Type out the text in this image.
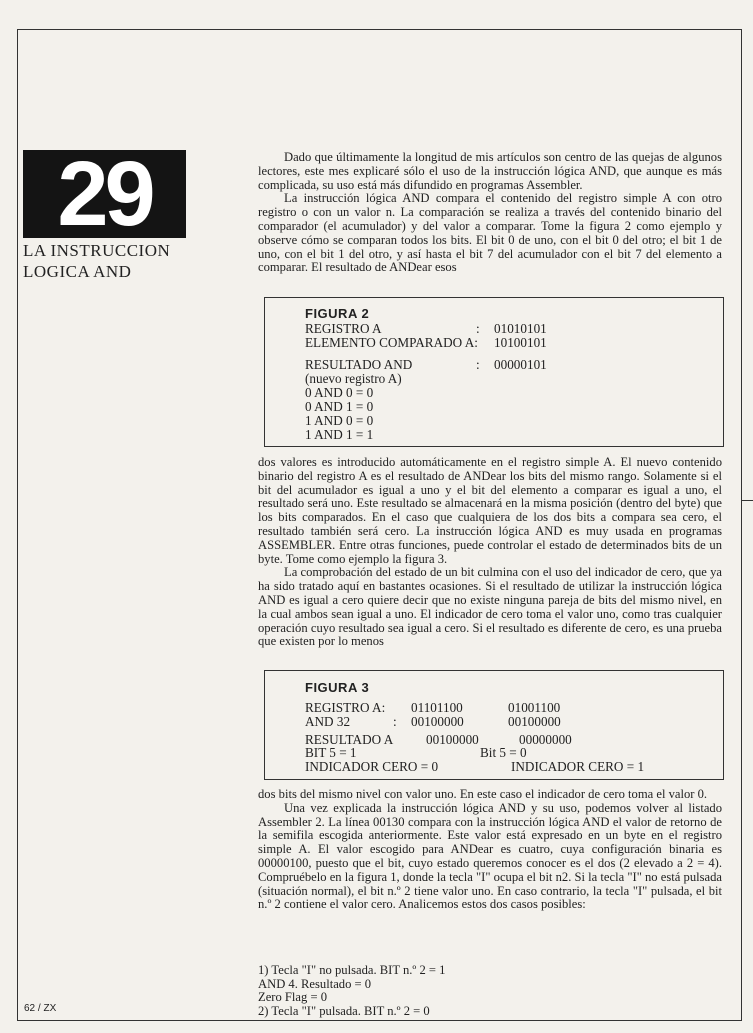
29
LA INSTRUCCION
LOGICA AND

Dado que últimamente la longitud de mis artículos son centro de las quejas de algunos lectores, este mes explicaré sólo el uso de la instrucción lógica AND, que aunque es más complicada, su uso está más difundido en programas Assembler.

La instrucción lógica AND compara el contenido del registro simple A con otro registro o con un valor n. La comparación se realiza a través del contenido binario del comparador (el acumulador) y del valor a comparar. Tome la figura 2 como ejemplo y observe cómo se comparan todos los bits. El bit 0 de uno, con el bit 0 del otro; el bit 1 de uno, con el bit 1 del otro, y así hasta el bit 7 del acumulador con el bit 7 del elemento a comparar. El resultado de ANDear esos

FIGURA 2
REGISTRO A	: 01010101
ELEMENTO COMPARADO A: 10100101
RESULTADO AND	: 00000101
(nuevo registro A)
0 AND 0 = 0
0 AND 1 = 0
1 AND 0 = 0
1 AND 1 = 1

dos valores es introducido automáticamente en el registro simple A. El nuevo contenido binario del registro A es el resultado de ANDear los bits del mismo rango. Solamente si el bit del acumulador es igual a uno y el bit del elemento a comparar es igual a uno, el resultado será uno. Este resultado se almacenará en la misma posición (dentro del byte) que los bits comparados. En el caso que cualquiera de los dos bits a compara sea cero, el resultado también será cero. La instrucción lógica AND es muy usada en programas ASSEMBLER. Entre otras funciones, puede controlar el estado de determinados bits de un byte. Tome como ejemplo la figura 3.

La comprobación del estado de un bit culmina con el uso del indicador de cero, que ya ha sido tratado aquí en bastantes ocasiones. Si el resultado de utilizar la instrucción lógica AND es igual a cero quiere decir que no existe ninguna pareja de bits del mismo nivel, en la cual ambos sean igual a uno. El indicador de cero toma el valor uno, como tras cualquier operación cuyo resultado sea igual a cero. Si el resultado es diferente de cero, es una prueba que existen por lo menos

FIGURA 3
REGISTRO A: 01101100	01001100
AND 32	: 00100000	00100000
RESULTADO A 00100000	00000000
BIT 5 = 1	Bit 5 = 0
INDICADOR CERO = 0	INDICADOR CERO = 1

dos bits del mismo nivel con valor uno. En este caso el indicador de cero toma el valor 0.

Una vez explicada la instrucción lógica AND y su uso, podemos volver al listado Assembler 2. La línea 00130 compara con la instrucción lógica AND el valor de retorno de la semifila escogida anteriormente. Este valor está expresado en un byte en el registro simple A. El valor escogido para ANDear es cuatro, cuya configuración binaria es 00000100, puesto que el bit, cuyo estado queremos conocer es el dos (2 elevado a 2 = 4). Compruébelo en la figura 1, donde la tecla "I" ocupa el bit n2. Si la tecla "I" no está pulsada (situación normal), el bit n.º 2 tiene valor uno. En caso contrario, la tecla "I" pulsada, el bit n.º 2 contiene el valor cero. Analicemos estos dos casos posibles:

1) Tecla "I" no pulsada. BIT n.º 2 = 1
AND 4. Resultado = 0
Zero Flag = 0
2) Tecla "I" pulsada. BIT n.º 2 = 0
62 / ZX
